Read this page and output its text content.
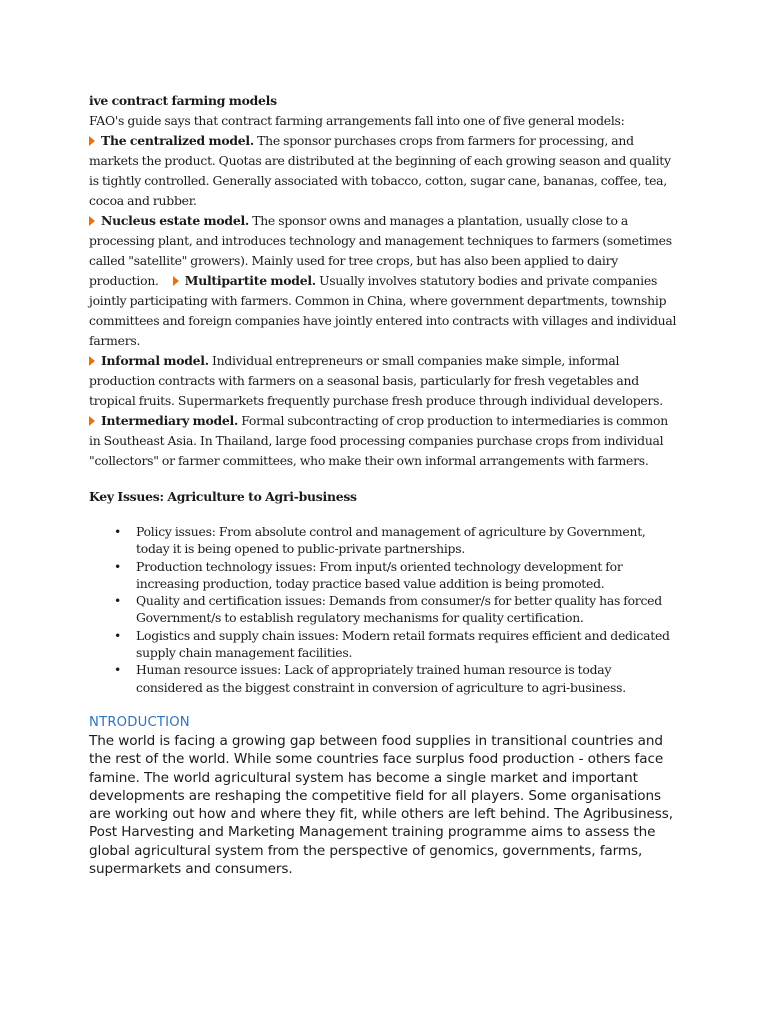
ive contract farming models

FAO's guide says that contract farming arrangements fall into one of five general models:

The centralized model. The sponsor purchases crops from farmers for processing, and markets the product. Quotas are distributed at the beginning of each growing season and quality is tightly controlled. Generally associated with tobacco, cotton, sugar cane, bananas, coffee, tea, cocoa and rubber.

Nucleus estate model. The sponsor owns and manages a plantation, usually close to a processing plant, and introduces technology and management techniques to farmers (sometimes called "satellite" growers). Mainly used for tree crops, but has also been applied to dairy production. Multipartite model. Usually involves statutory bodies and private companies jointly participating with farmers. Common in China, where government departments, township committees and foreign companies have jointly entered into contracts with villages and individual farmers.

Informal model. Individual entrepreneurs or small companies make simple, informal production contracts with farmers on a seasonal basis, particularly for fresh vegetables and tropical fruits. Supermarkets frequently purchase fresh produce through individual developers.

Intermediary model. Formal subcontracting of crop production to intermediaries is common in Southeast Asia. In Thailand, large food processing companies purchase crops from individual "collectors" or farmer committees, who make their own informal arrangements with farmers.

Key Issues: Agriculture to Agri-business

• Policy issues: From absolute control and management of agriculture by Government, today it is being opened to public-private partnerships.
• Production technology issues: From input/s oriented technology development for increasing production, today practice based value addition is being promoted.
• Quality and certification issues: Demands from consumer/s for better quality has forced Government/s to establish regulatory mechanisms for quality certification.
• Logistics and supply chain issues: Modern retail formats requires efficient and dedicated supply chain management facilities.
• Human resource issues: Lack of appropriately trained human resource is today considered as the biggest constraint in conversion of agriculture to agri-business.

NTRODUCTION

The world is facing a growing gap between food supplies in transitional countries and the rest of the world. While some countries face surplus food production - others face famine. The world agricultural system has become a single market and important developments are reshaping the competitive field for all players. Some organisations are working out how and where they fit, while others are left behind. The Agribusiness, Post Harvesting and Marketing Management training programme aims to assess the global agricultural system from the perspective of genomics, governments, farms, supermarkets and consumers.
